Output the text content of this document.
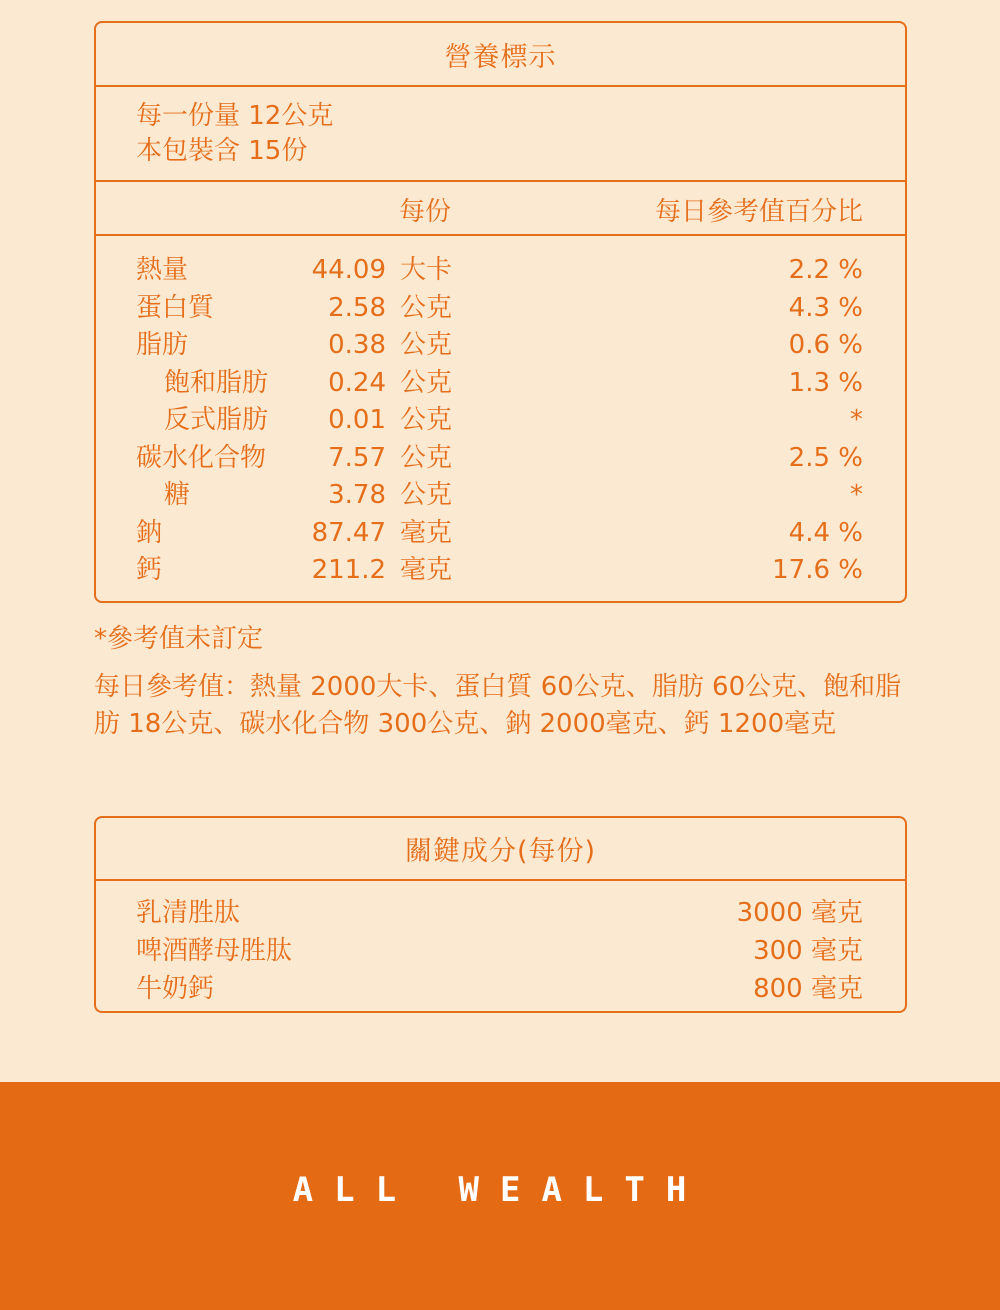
營養標示
每一份量 12公克
本包裝含 15份
每份	每日參考值百分比
熱量	44.09 大卡	2.2 %
蛋白質	2.58 公克	4.3 %
脂肪	0.38 公克	0.6 %
飽和脂肪 0.24 公克	1.3 %
反式脂肪 0.01 公克	*
碳水化合物 7.57 公克	2.5 %
糖	3.78 公克	*
鈉	87.47 毫克	4.4 %
鈣	211.2 毫克	17.6 %
*參考值未訂定
每日參考值：熱量 2000大卡、蛋白質 60公克、脂肪 60公克、飽和脂肪 18公克、碳水化合物 300公克、鈉 2000毫克、鈣 1200毫克
關鍵成分(每份)
乳清胜肽	3000 毫克
啤酒酵母胜肽	300 毫克
牛奶鈣	800 毫克
ALL WEALTH
